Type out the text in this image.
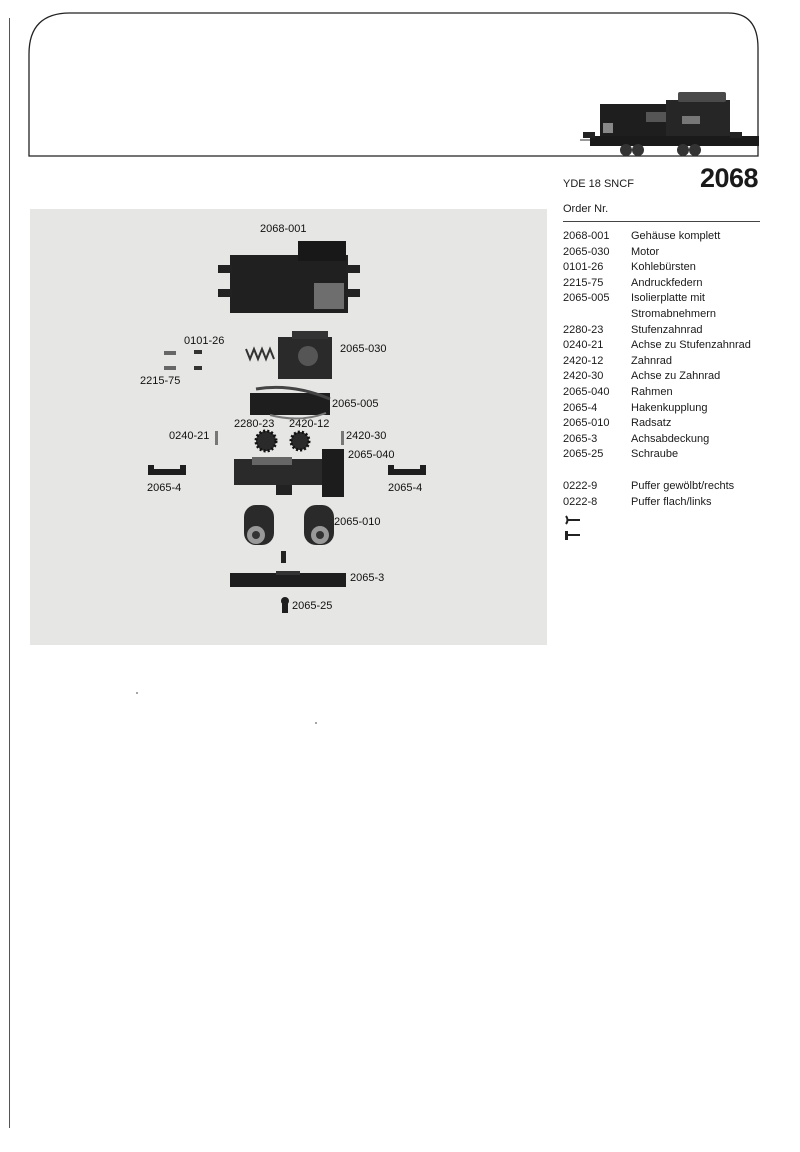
YDE 18 SNCF 2068
Order Nr.
2068-001	Gehäuse komplett
2065-030	Motor
0101-26	Kohlebürsten
2215-75	Andruckfedern
2065-005	Isolierplatte mit Stromabnehmern
2280-23	Stufenzahnrad
0240-21	Achse zu Stufenzahnrad
2420-12	Zahnrad
2420-30	Achse zu Zahnrad
2065-040	Rahmen
2065-4	Hakenkupplung
2065-010	Radsatz
2065-3	Achsabdeckung
2065-25	Schraube
0222-9	Puffer gewölbt/rechts
0222-8	Puffer flach/links
2068-001
0101-26
2065-030
2215-75
2065-005
2280-23 2420-12
0240-21	2420-30
2065-040
2065-4	2065-4
2065-010
2065-3
2065-25
